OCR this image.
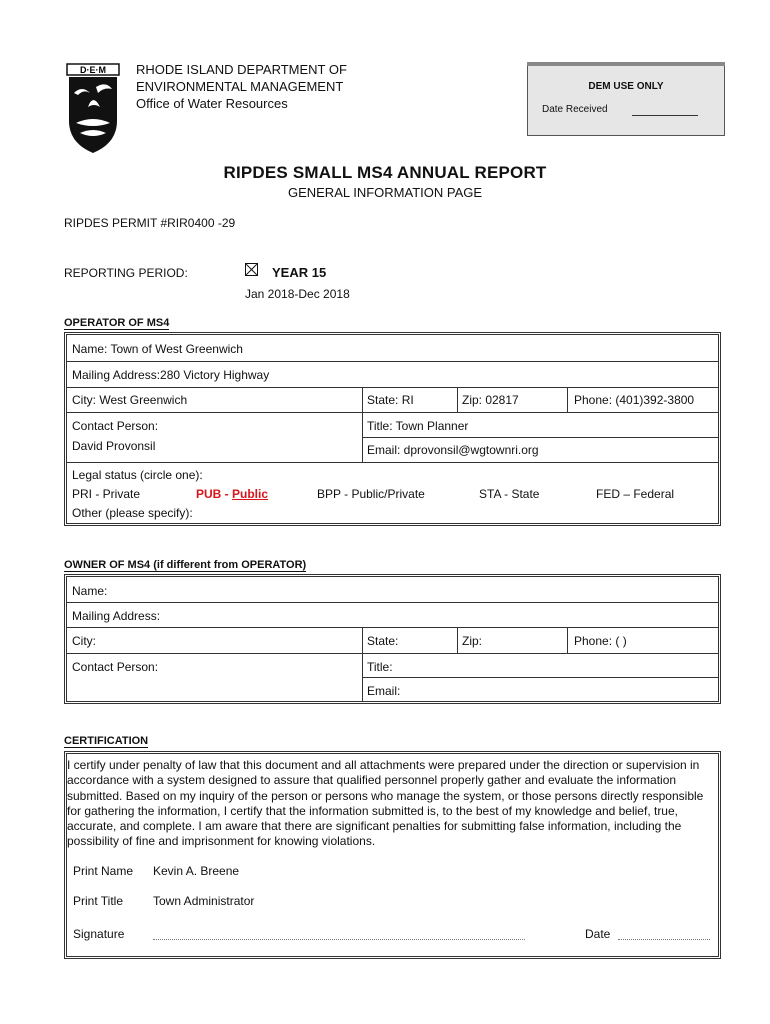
D·E·M RHODE ISLAND DEPARTMENT OF
ENVIRONMENTAL MANAGEMENT
Office of Water Resources
DEM USE ONLY
Date Received
RIPDES SMALL MS4 ANNUAL REPORT
GENERAL INFORMATION PAGE
RIPDES PERMIT #RIR0400 -29
REPORTING PERIOD:	YEAR 15
Jan 2018-Dec 2018
OPERATOR OF MS4
Name: Town of West Greenwich
Mailing Address:280 Victory Highway
City: West Greenwich	State: RI	Zip: 02817	Phone: (401)392-3800
Contact Person:
David Provonsil
Title: Town Planner
Email: dprovonsil@wgtownri.org
Legal status (circle one):
PRI - Private	PUB - Public	BPP - Public/Private	STA - State	FED – Federal
Other (please specify):
OWNER OF MS4 (if different from OPERATOR)
Name:
Mailing Address:
City:	State:	Zip:	Phone: ( )
Contact Person:	Title:
Email:
CERTIFICATION
I certify under penalty of law that this document and all attachments were prepared under the direction or supervision in accordance with a system designed to assure that qualified personnel properly gather and evaluate the information submitted. Based on my inquiry of the person or persons who manage the system, or those persons directly responsible for gathering the information, I certify that the information submitted is, to the best of my knowledge and belief, true, accurate, and complete. I am aware that there are significant penalties for submitting false information, including the possibility of fine and imprisonment for knowing violations.
Print Name Kevin A. Breene
Print Title Town Administrator
Signature	Date
